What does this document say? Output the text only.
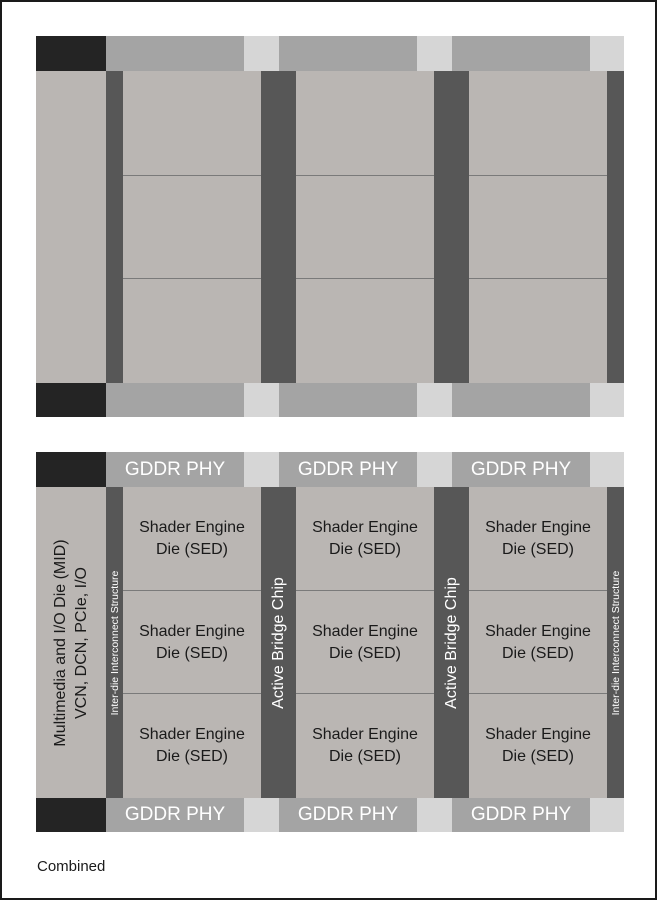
GDDR PHY	GDDR PHY	GDDR PHY
Multimedia and I/O Die (MID) VCN, DCN, PCIe, I/O Inter-die Interconnect Structure
Shader Engine
Die (SED)
Shader Engine
Die (SED)
Shader Engine
Die (SED)
Active Bridge Chip
Shader Engine
Die (SED)
Shader Engine
Die (SED)
Shader Engine
Die (SED)
Active Bridge Chip
Shader Engine
Die (SED)
Shader Engine
Die (SED)
Shader Engine
Die (SED)
Inter-die Interconnect Structure
GDDR PHY	GDDR PHY	GDDR PHY
Combined
